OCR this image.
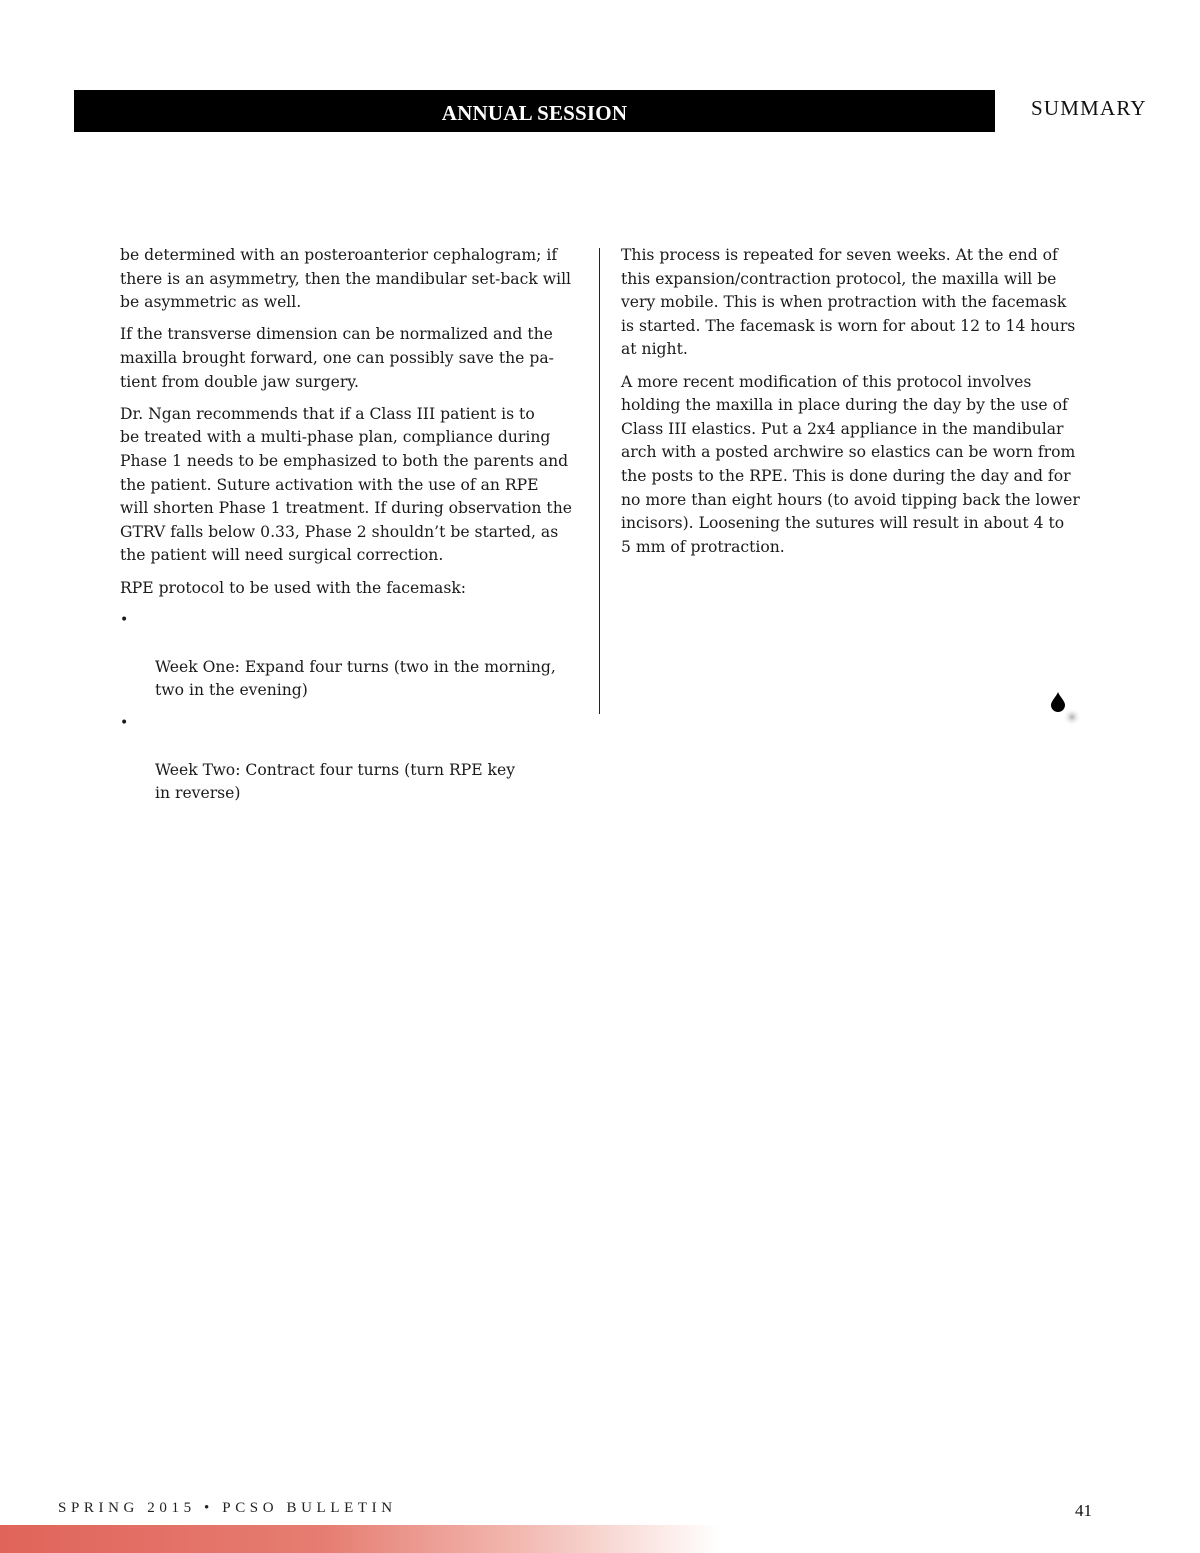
ANNUAL SESSION	SUMMARY

be determined with an posteroanterior cephalogram; if
there is an asymmetry, then the mandibular set-back will
be asymmetric as well.

If the transverse dimension can be normalized and the
maxilla brought forward, one can possibly save the pa-
tient from double jaw surgery.

Dr. Ngan recommends that if a Class III patient is to
be treated with a multi-phase plan, compliance during
Phase 1 needs to be emphasized to both the parents and
the patient. Suture activation with the use of an RPE
will shorten Phase 1 treatment. If during observation the
GTRV falls below 0.33, Phase 2 shouldn’t be started, as
the patient will need surgical correction.

RPE protocol to be used with the facemask:

•

Week One: Expand four turns (two in the morning,
two in the evening)

•

Week Two: Contract four turns (turn RPE key
in reverse)

This process is repeated for seven weeks. At the end of
this expansion/contraction protocol, the maxilla will be
very mobile. This is when protraction with the facemask
is started. The facemask is worn for about 12 to 14 hours
at night.

A more recent modification of this protocol involves
holding the maxilla in place during the day by the use of
Class III elastics. Put a 2x4 appliance in the mandibular
arch with a posted archwire so elastics can be worn from
the posts to the RPE. This is done during the day and for
no more than eight hours (to avoid tipping back the lower
incisors). Loosening the sutures will result in about 4 to
5 mm of protraction.

SPRING 2015 • PCSO BULLETIN	41
